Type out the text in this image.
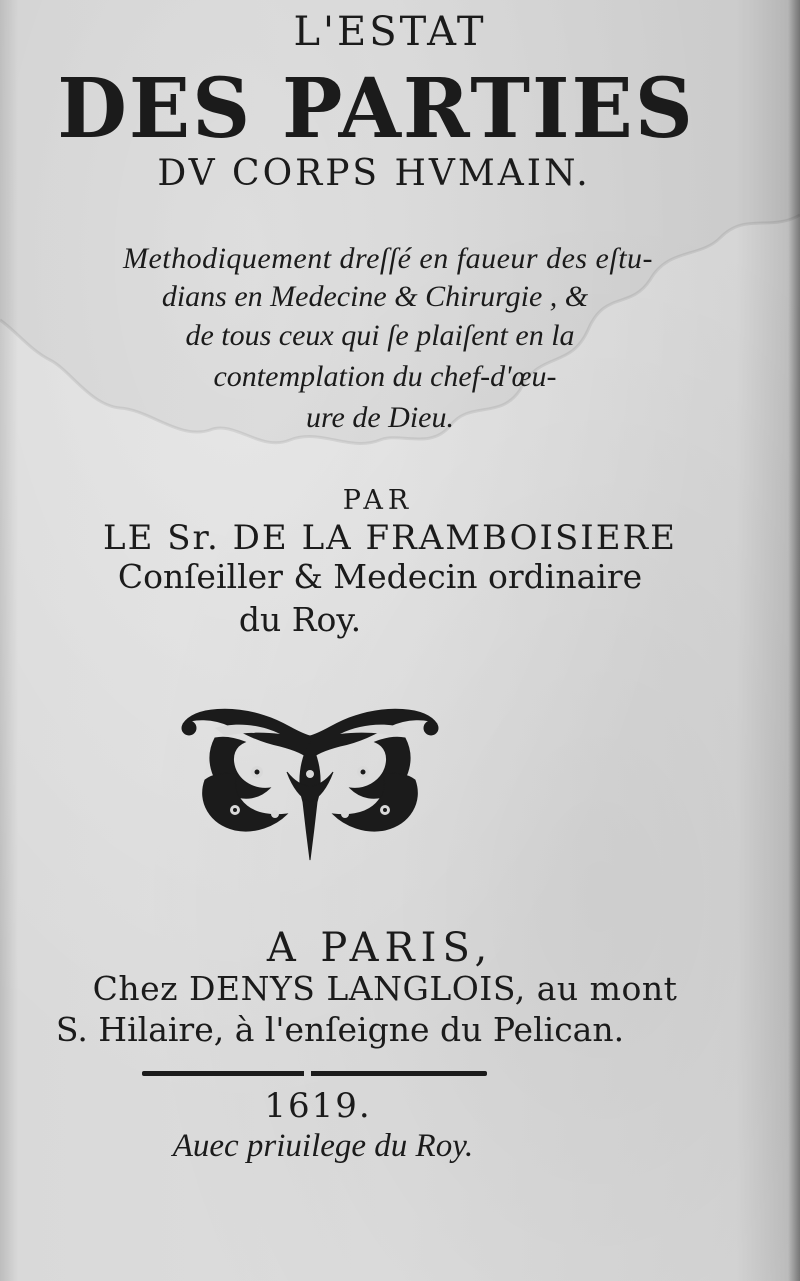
L'ESTAT
DES PARTIES
DV CORPS HVMAIN.
Methodiquement dreſſé en faueur des eſtu-
dians en Medecine & Chirurgie , &
de tous ceux qui ſe plaiſent en la
contemplation du chef-d'œu-
ure de Dieu.
PAR
LE Sr. DE LA FRAMBOISIERE
Conſeiller & Medecin ordinaire
du Roy.
A PARIS,
Chez DENYS LANGLOIS, au mont
S. Hilaire, à l'enſeigne du Pelican.
1619.
Auec priuilege du Roy.
